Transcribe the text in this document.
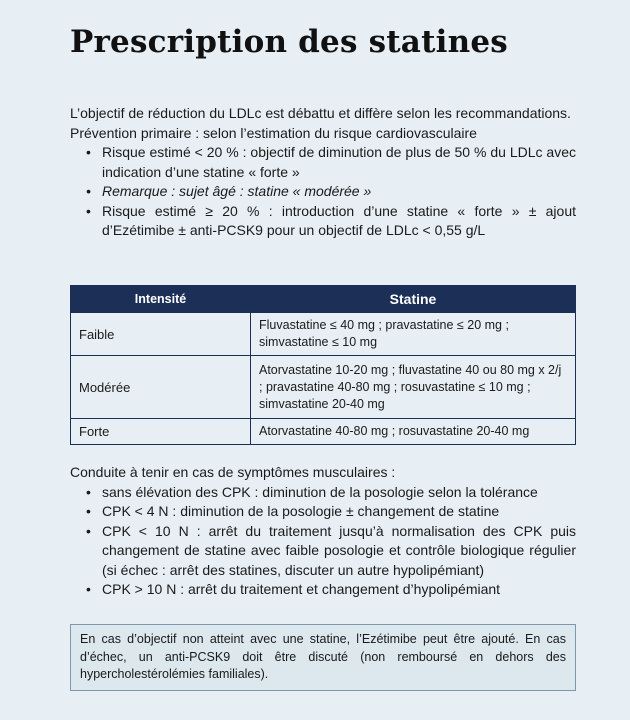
Prescription des statines

L’objectif de réduction du LDLc est débattu et diffère selon les recommandations.

Prévention primaire : selon l’estimation du risque cardiovasculaire

• Risque estimé < 20 % : objectif de diminution de plus de 50 % du LDLc avec indication d’une statine « forte »
• Remarque : sujet âgé : statine « modérée »
• Risque estimé ≥ 20 % : introduction d’une statine « forte » ± ajout d’Ezétimibe ± anti-PCSK9 pour un objectif de LDLc < 0,55 g/L
Intensité	Statine
Faible	Fluvastatine ≤ 40 mg ; pravastatine ≤ 20 mg ; simvastatine ≤ 10 mg
Modérée	Atorvastatine 10-20 mg ; fluvastatine 40 ou 80 mg x 2/j ; pravastatine 40-80 mg ; rosuvastatine ≤ 10 mg ; simvastatine 20-40 mg
Forte	Atorvastatine 40-80 mg ; rosuvastatine 20-40 mg

Conduite à tenir en cas de symptômes musculaires :

• sans élévation des CPK : diminution de la posologie selon la tolérance
• CPK < 4 N : diminution de la posologie ± changement de statine
• CPK < 10 N : arrêt du traitement jusqu’à normalisation des CPK puis changement de statine avec faible posologie et contrôle biologique régulier (si échec : arrêt des statines, discuter un autre hypolipémiant)
• CPK > 10 N : arrêt du traitement et changement d’hypolipémiant
En cas d’objectif non atteint avec une statine, l’Ezétimibe peut être ajouté. En cas d’échec, un anti-PCSK9 doit être discuté (non remboursé en dehors des hypercholestérolémies familiales).
